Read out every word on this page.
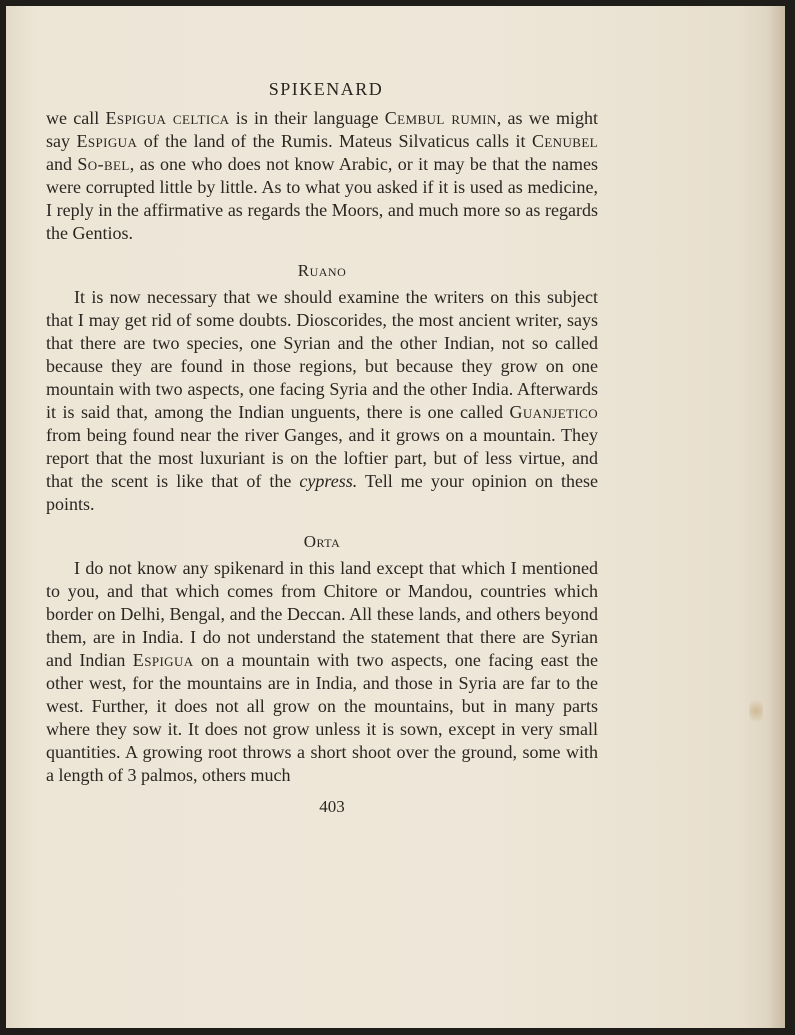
SPIKENARD

we call Espigua celtica is in their language Cembul rumin, as we might say Espigua of the land of the Rumis. Mateus Silvaticus calls it Cenubel and So-bel, as one who does not know Arabic, or it may be that the names were corrupted little by little. As to what you asked if it is used as medicine, I reply in the affirmative as regards the Moors, and much more so as regards the Gentios.

Ruano

It is now necessary that we should examine the writers on this subject that I may get rid of some doubts. Dioscorides, the most ancient writer, says that there are two species, one Syrian and the other Indian, not so called because they are found in those regions, but because they grow on one mountain with two aspects, one facing Syria and the other India. Afterwards it is said that, among the Indian unguents, there is one called Guanjetico from being found near the river Ganges, and it grows on a mountain. They report that the most luxuriant is on the loftier part, but of less virtue, and that the scent is like that of the cypress. Tell me your opinion on these points.

Orta

I do not know any spikenard in this land except that which I mentioned to you, and that which comes from Chitore or Mandou, countries which border on Delhi, Bengal, and the Deccan. All these lands, and others beyond them, are in India. I do not understand the statement that there are Syrian and Indian Espigua on a mountain with two aspects, one facing east the other west, for the mountains are in India, and those in Syria are far to the west. Further, it does not all grow on the mountains, but in many parts where they sow it. It does not grow unless it is sown, except in very small quantities. A growing root throws a short shoot over the ground, some with a length of 3 palmos, others much

403
